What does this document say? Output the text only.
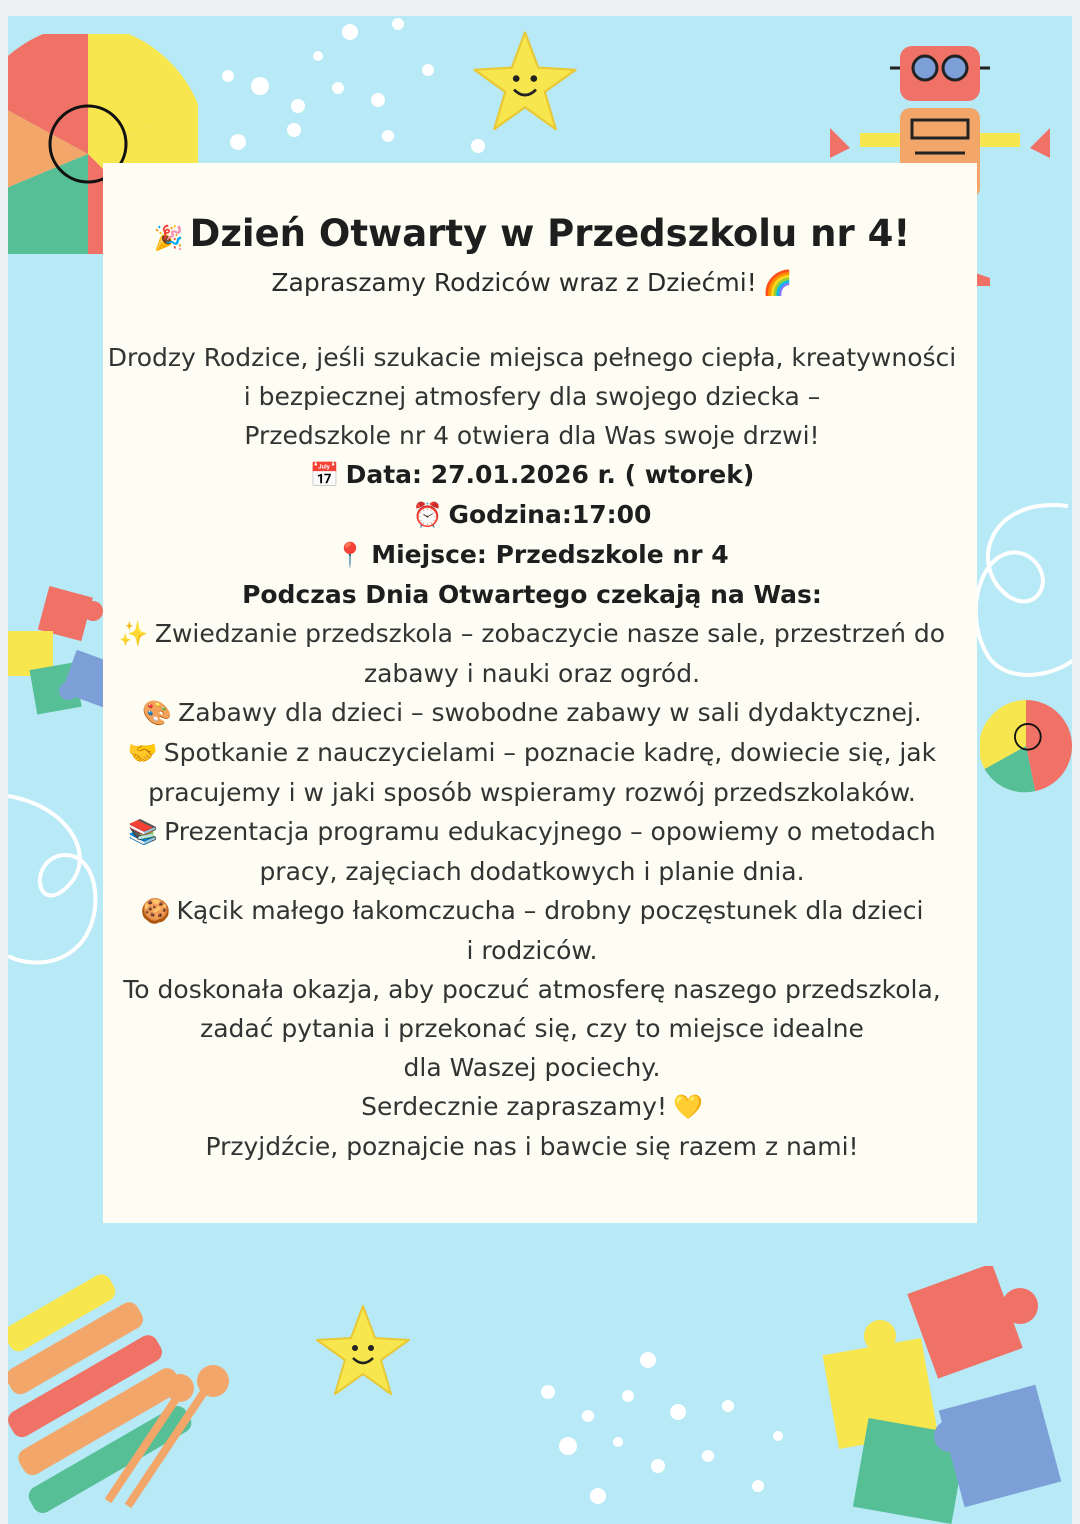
🎉 Dzień Otwarty w Przedszkolu nr 4!

Zapraszamy Rodziców wraz z Dziećmi! 🌈

Drodzy Rodzice, jeśli szukacie miejsca pełnego ciepła, kreatywności

i bezpiecznej atmosfery dla swojego dziecka –

Przedszkole nr 4 otwiera dla Was swoje drzwi!

📅 Data: 27.01.2026 r. ( wtorek)

⏰ Godzina:17:00

📍 Miejsce: Przedszkole nr 4

Podczas Dnia Otwartego czekają na Was:

✨ Zwiedzanie przedszkola – zobaczycie nasze sale, przestrzeń do

zabawy i nauki oraz ogród.

🎨 Zabawy dla dzieci – swobodne zabawy w sali dydaktycznej.

🤝 Spotkanie z nauczycielami – poznacie kadrę, dowiecie się, jak

pracujemy i w jaki sposób wspieramy rozwój przedszkolaków.

📚 Prezentacja programu edukacyjnego – opowiemy o metodach

pracy, zajęciach dodatkowych i planie dnia.

🍪 Kącik małego łakomczucha – drobny poczęstunek dla dzieci

i rodziców.

To doskonała okazja, aby poczuć atmosferę naszego przedszkola,

zadać pytania i przekonać się, czy to miejsce idealne

dla Waszej pociechy.

Serdecznie zapraszamy! 💛

Przyjdźcie, poznajcie nas i bawcie się razem z nami!
